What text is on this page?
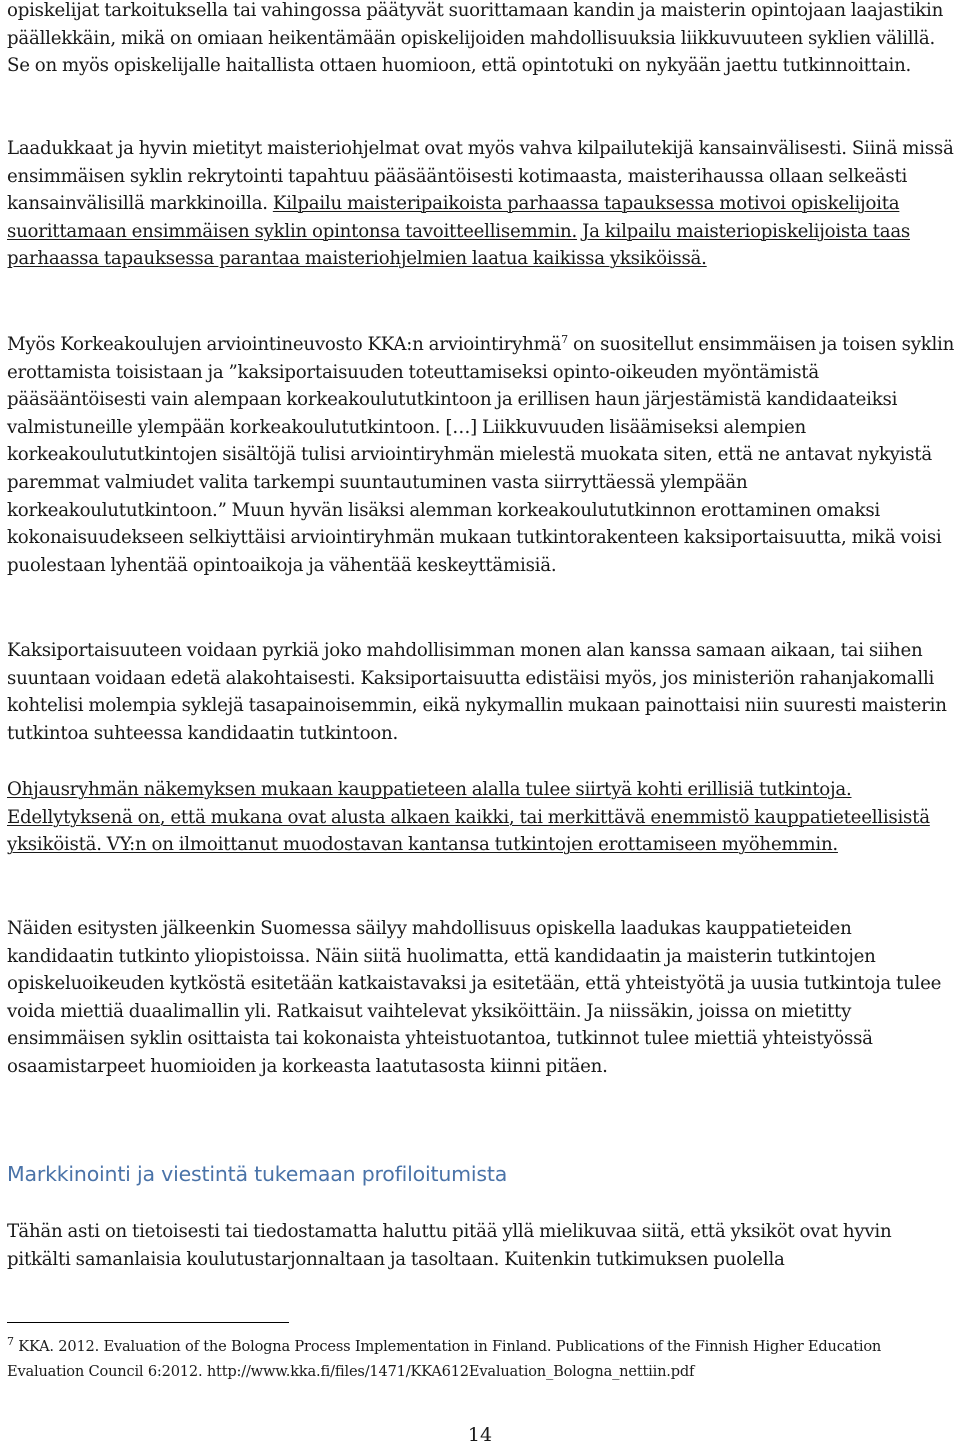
opiskelijat tarkoituksella tai vahingossa päätyvät suorittamaan kandin ja maisterin opintojaan laajastikin päällekkäin, mikä on omiaan heikentämään opiskelijoiden mahdollisuuksia liikkuvuuteen syklien välillä. Se on myös opiskelijalle haitallista ottaen huomioon, että opintotuki on nykyään jaettu tutkinnoittain.

Laadukkaat ja hyvin mietityt maisteriohjelmat ovat myös vahva kilpailutekijä kansainvälisesti. Siinä missä ensimmäisen syklin rekrytointi tapahtuu pääsääntöisesti kotimaasta, maisterihaussa ollaan selkeästi kansainvälisillä markkinoilla. Kilpailu maisteripaikoista parhaassa tapauksessa motivoi opiskelijoita suorittamaan ensimmäisen syklin opintonsa tavoitteellisemmin. Ja kilpailu maisteriopiskelijoista taas parhaassa tapauksessa parantaa maisteriohjelmien laatua kaikissa yksiköissä.

Myös Korkeakoulujen arviointineuvosto KKA:n arviointiryhmä$^7$ on suositellut ensimmäisen ja toisen syklin erottamista toisistaan ja ”kaksiportaisuuden toteuttamiseksi opinto-oikeuden myöntämistä pääsääntöisesti vain alempaan korkeakoulututkintoon ja erillisen haun järjestämistä kandidaateiksi valmistuneille ylempään korkeakoulututkintoon. […] Liikkuvuuden lisäämiseksi alempien korkeakoulututkintojen sisältöjä tulisi arviointiryhmän mielestä muokata siten, että ne antavat nykyistä paremmat valmiudet valita tarkempi suuntautuminen vasta siirryttäessä ylempään korkeakoulututkintoon.” Muun hyvän lisäksi alemman korkeakoulututkinnon erottaminen omaksi kokonaisuudekseen selkiyttäisi arviointiryhmän mukaan tutkintorakenteen kaksiportaisuutta, mikä voisi puolestaan lyhentää opintoaikoja ja vähentää keskeyttämisiä.

Kaksiportaisuuteen voidaan pyrkiä joko mahdollisimman monen alan kanssa samaan aikaan, tai siihen suuntaan voidaan edetä alakohtaisesti. Kaksiportaisuutta edistäisi myös, jos ministeriön rahanjakomalli kohtelisi molempia syklejä tasapainoisemmin, eikä nykymallin mukaan painottaisi niin suuresti maisterin tutkintoa suhteessa kandidaatin tutkintoon.

Ohjausryhmän näkemyksen mukaan kauppatieteen alalla tulee siirtyä kohti erillisiä tutkintoja. Edellytyksenä on, että mukana ovat alusta alkaen kaikki, tai merkittävä enemmistö kauppatieteellisistä yksiköistä. VY:n on ilmoittanut muodostavan kantansa tutkintojen erottamiseen myöhemmin.

Näiden esitysten jälkeenkin Suomessa säilyy mahdollisuus opiskella laadukas kauppatieteiden kandidaatin tutkinto yliopistoissa. Näin siitä huolimatta, että kandidaatin ja maisterin tutkintojen opiskeluoikeuden kytköstä esitetään katkaistavaksi ja esitetään, että yhteistyötä ja uusia tutkintoja tulee voida miettiä duaalimallin yli. Ratkaisut vaihtelevat yksiköittäin. Ja niissäkin, joissa on mietitty ensimmäisen syklin osittaista tai kokonaista yhteistuotantoa, tutkinnot tulee miettiä yhteistyössä osaamistarpeet huomioiden ja korkeasta laatutasosta kiinni pitäen.

Tähän asti on tietoisesti tai tiedostamatta haluttu pitää yllä mielikuvaa siitä, että yksiköt ovat hyvin pitkälti samanlaisia koulutustarjonnaltaan ja tasoltaan. Kuitenkin tutkimuksen puolella

Markkinointi ja viestintä tukemaan profiloitumista

$^7$ KKA. 2012. Evaluation of the Bologna Process Implementation in Finland. Publications of the Finnish Higher Education Evaluation Council 6:2012. http://www.kka.fi/files/1471/KKA612Evaluation_Bologna_nettiin.pdf

14
